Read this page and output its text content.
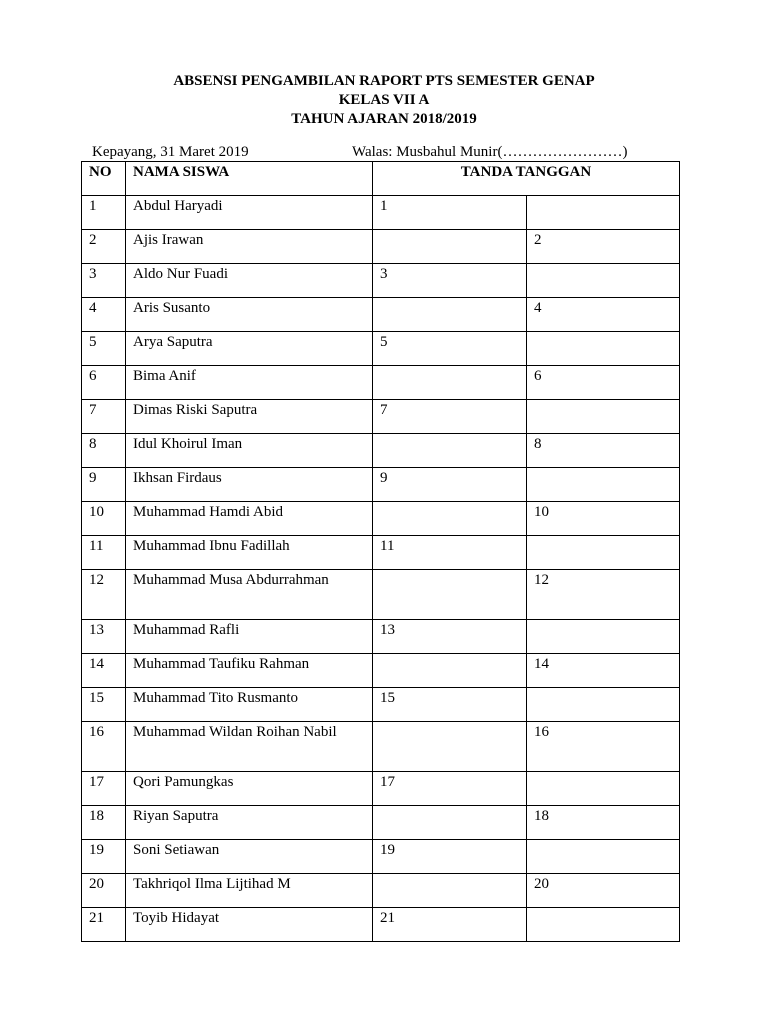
ABSENSI PENGAMBILAN RAPORT PTS SEMESTER GENAP
KELAS VII A
TAHUN AJARAN 2018/2019
Kepayang, 31 Maret 2019	Walas: Musbahul Munir(……………………)
NO	NAMA SISWA	TANDA TANGGAN	
1	Abdul Haryadi	1	
2	Ajis Irawan		2
3	Aldo Nur Fuadi	3	
4	Aris Susanto		4
5	Arya Saputra	5	
6	Bima Anif		6
7	Dimas Riski Saputra	7	
8	Idul Khoirul Iman		8
9	Ikhsan Firdaus	9	
10	Muhammad Hamdi Abid		10
11	Muhammad Ibnu Fadillah	11	
12	Muhammad Musa Abdurrahman		12
13	Muhammad Rafli	13	
14	Muhammad Taufiku Rahman		14
15	Muhammad Tito Rusmanto	15	
16	Muhammad Wildan Roihan Nabil		16
17	Qori Pamungkas	17	
18	Riyan Saputra		18
19	Soni Setiawan	19	
20	Takhriqol Ilma Lijtihad M		20
21	Toyib Hidayat	21	
